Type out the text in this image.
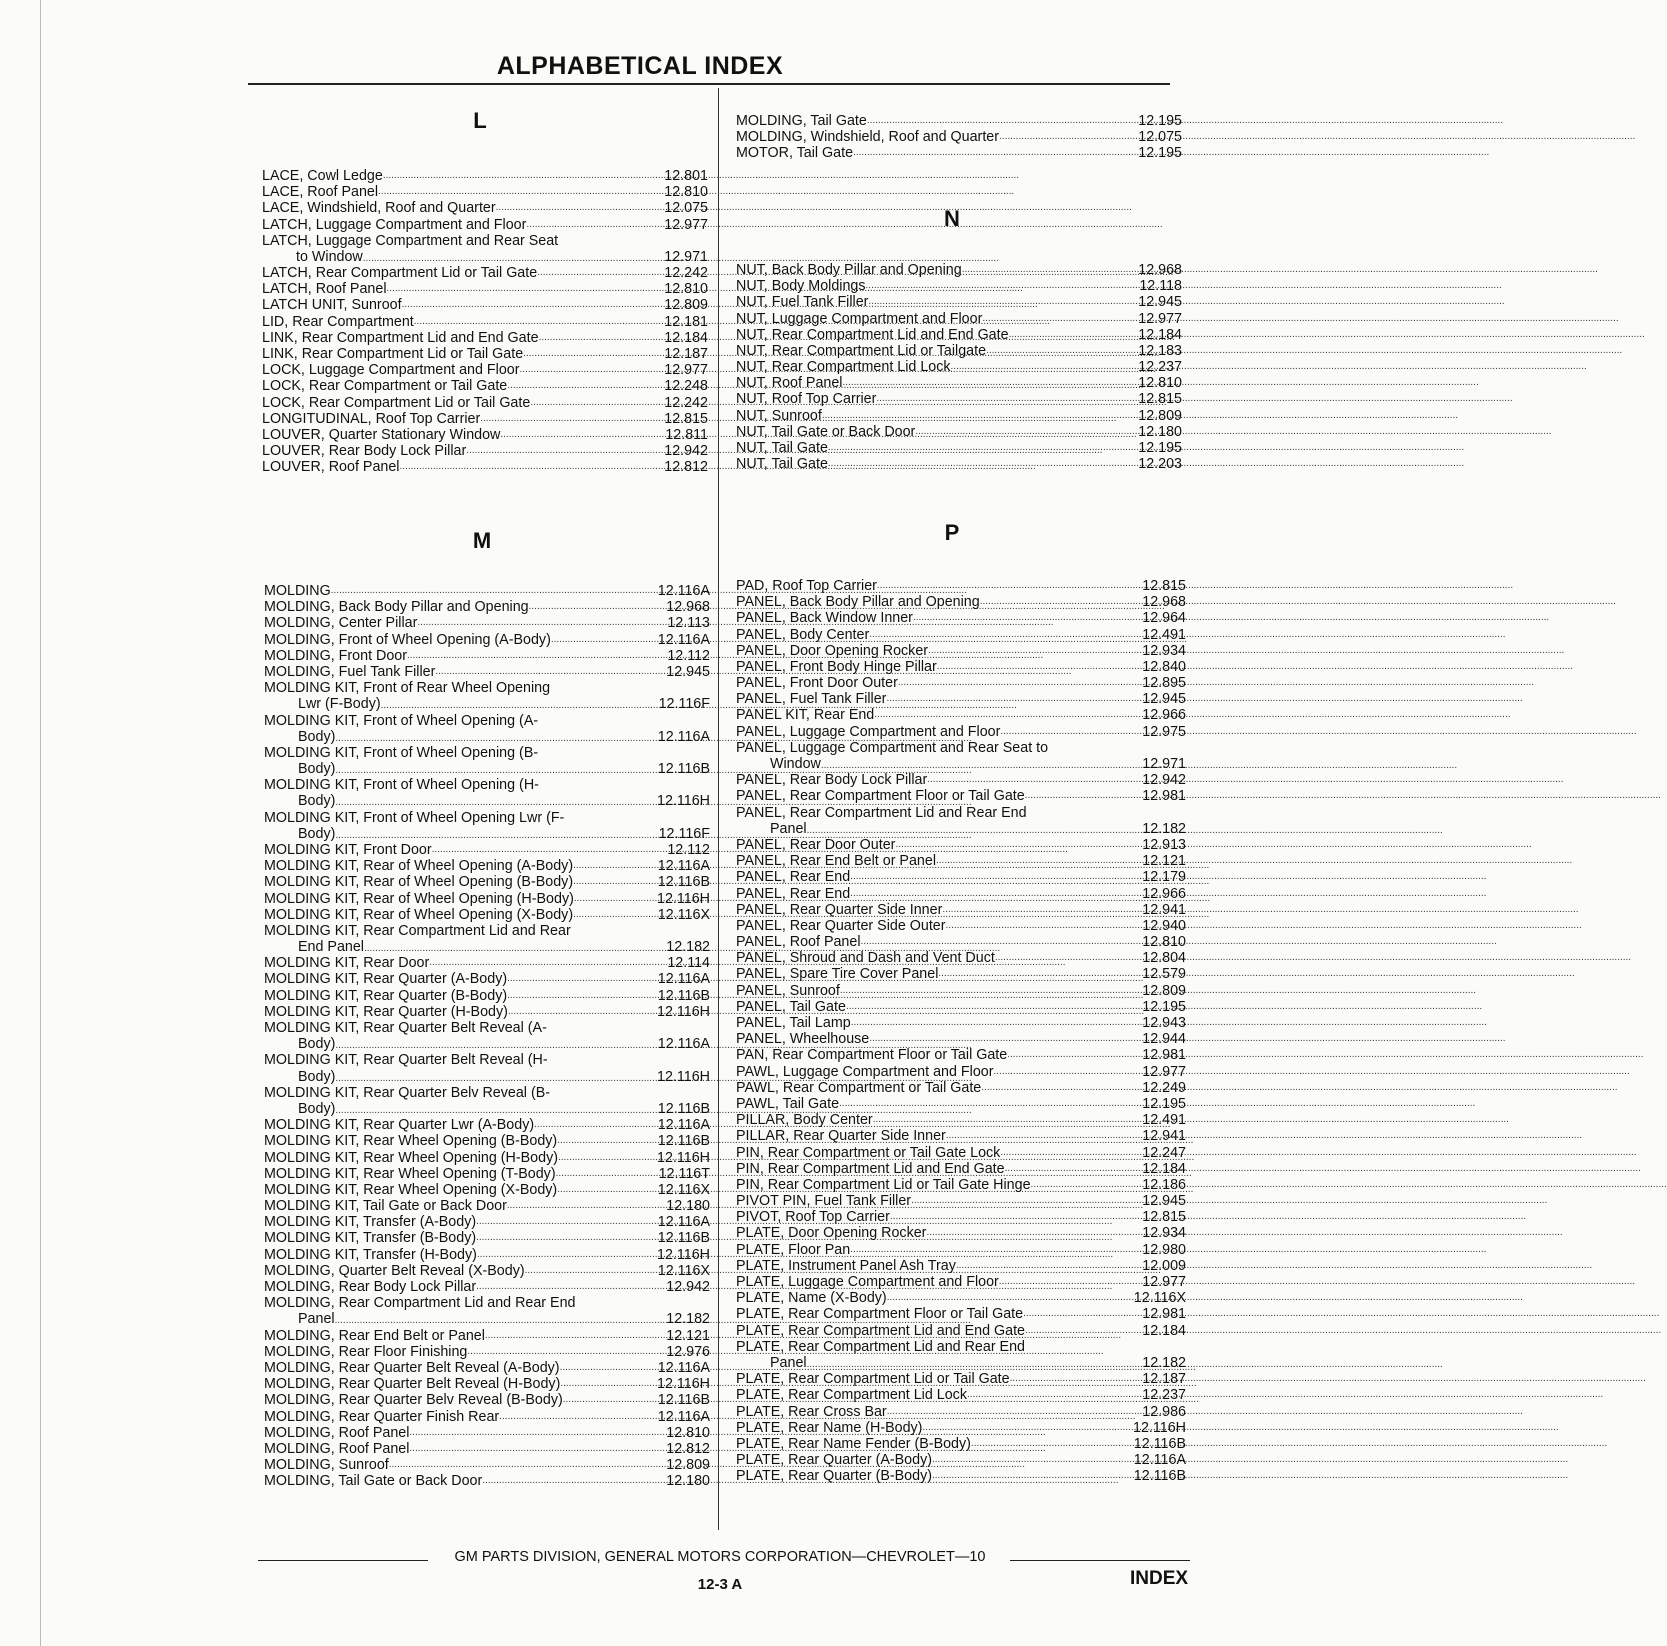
ALPHABETICAL INDEX
L
M
N
P
LACE, Cowl Ledge .....	12.801
LACE, Roof Panel .....	12.810
LACE, Windshield, Roof and Quarter .....	12.075
LATCH, Luggage Compartment and Floor .....	12.977
LATCH, Luggage Compartment and Rear Seat
to Window .....	12.971
LATCH, Rear Compartment Lid or Tail Gate .....	12.242
LATCH, Roof Panel .....	12.810
LATCH UNIT, Sunroof .....	12.809
LID, Rear Compartment .....	12.181
LINK, Rear Compartment Lid and End Gate .....	12.184
LINK, Rear Compartment Lid or Tail Gate .....	12.187
LOCK, Luggage Compartment and Floor .....	12.977
LOCK, Rear Compartment or Tail Gate .....	12.248
LOCK, Rear Compartment Lid or Tail Gate .....	12.242
LONGITUDINAL, Roof Top Carrier .....	12.815
LOUVER, Quarter Stationary Window .....	12.811
LOUVER, Rear Body Lock Pillar .....	12.942
LOUVER, Roof Panel .....	12.812
MOLDING .....	12.116A
MOLDING, Back Body Pillar and Opening .....	12.968
MOLDING, Center Pillar .....	12.113
MOLDING, Front of Wheel Opening (A-Body) .....	12.116A
MOLDING, Front Door .....	12.112
MOLDING, Fuel Tank Filler .....	12.945
MOLDING KIT, Front of Rear Wheel Opening
Lwr (F-Body) .....	12.116F
MOLDING KIT, Front of Wheel Opening (A-
Body) .....	12.116A
MOLDING KIT, Front of Wheel Opening (B-
Body) .....	12.116B
MOLDING KIT, Front of Wheel Opening (H-
Body) .....	12.116H
MOLDING KIT, Front of Wheel Opening Lwr (F-
Body) .....	12.116F
MOLDING KIT, Front Door .....	12.112
MOLDING KIT, Rear of Wheel Opening (A-Body) .....	12.116A
MOLDING KIT, Rear of Wheel Opening (B-Body) .....	12.116B
MOLDING KIT, Rear of Wheel Opening (H-Body) .....	12.116H
MOLDING KIT, Rear of Wheel Opening (X-Body) .....	12.116X
MOLDING KIT, Rear Compartment Lid and Rear
End Panel .....	12.182
MOLDING KIT, Rear Door .....	12.114
MOLDING KIT, Rear Quarter (A-Body) .....	12.116A
MOLDING KIT, Rear Quarter (B-Body) .....	12.116B
MOLDING KIT, Rear Quarter (H-Body) .....	12.116H
MOLDING KIT, Rear Quarter Belt Reveal (A-
Body) .....	12.116A
MOLDING KIT, Rear Quarter Belt Reveal (H-
Body) .....	12.116H
MOLDING KIT, Rear Quarter Belv Reveal (B-
Body) .....	12.116B
MOLDING KIT, Rear Quarter Lwr (A-Body) .....	12.116A
MOLDING KIT, Rear Wheel Opening (B-Body) .....	12.116B
MOLDING KIT, Rear Wheel Opening (H-Body) .....	12.116H
MOLDING KIT, Rear Wheel Opening (T-Body) .....	12.116T
MOLDING KIT, Rear Wheel Opening (X-Body) .....	12.116X
MOLDING KIT, Tail Gate or Back Door .....	12.180
MOLDING KIT, Transfer (A-Body) .....	12.116A
MOLDING KIT, Transfer (B-Body) .....	12.116B
MOLDING KIT, Transfer (H-Body) .....	12.116H
MOLDING, Quarter Belt Reveal (X-Body) .....	12.116X
MOLDING, Rear Body Lock Pillar .....	12.942
MOLDING, Rear Compartment Lid and Rear End
Panel .....	12.182
MOLDING, Rear End Belt or Panel .....	12.121
MOLDING, Rear Floor Finishing .....	12.976
MOLDING, Rear Quarter Belt Reveal (A-Body) .....	12.116A
MOLDING, Rear Quarter Belt Reveal (H-Body) .....	12.116H
MOLDING, Rear Quarter Belv Reveal (B-Body) .....	12.116B
MOLDING, Rear Quarter Finish Rear .....	12.116A
MOLDING, Roof Panel .....	12.810
MOLDING, Roof Panel .....	12.812
MOLDING, Sunroof .....	12.809
MOLDING, Tail Gate or Back Door .....	12.180
MOLDING, Tail Gate .....	12.195
MOLDING, Windshield, Roof and Quarter .....	12.075
MOTOR, Tail Gate .....	12.195
NUT, Back Body Pillar and Opening .....	12.968
NUT, Body Moldings .....	12.118
NUT, Fuel Tank Filler .....	12.945
NUT, Luggage Compartment and Floor .....	12.977
NUT, Rear Compartment Lid and End Gate .....	12.184
NUT, Rear Compartment Lid or Tailgate .....	12.183
NUT, Rear Compartment Lid Lock .....	12.237
NUT, Roof Panel .....	12.810
NUT, Roof Top Carrier .....	12.815
NUT, Sunroof .....	12.809
NUT, Tail Gate or Back Door .....	12.180
NUT, Tail Gate .....	12.195
NUT, Tail Gate .....	12.203
PAD, Roof Top Carrier .....	12.815
PANEL, Back Body Pillar and Opening .....	12.968
PANEL, Back Window Inner .....	12.964
PANEL, Body Center .....	12.491
PANEL, Door Opening Rocker .....	12.934
PANEL, Front Body Hinge Pillar .....	12.840
PANEL, Front Door Outer .....	12.895
PANEL, Fuel Tank Filler .....	12.945
PANEL KIT, Rear End .....	12.966
PANEL, Luggage Compartment and Floor .....	12.975
PANEL, Luggage Compartment and Rear Seat to
Window .....	12.971
PANEL, Rear Body Lock Pillar .....	12.942
PANEL, Rear Compartment Floor or Tail Gate .....	12.981
PANEL, Rear Compartment Lid and Rear End
Panel .....	12.182
PANEL, Rear Door Outer .....	12.913
PANEL, Rear End Belt or Panel .....	12.121
PANEL, Rear End .....	12.179
PANEL, Rear End .....	12.966
PANEL, Rear Quarter Side Inner .....	12.941
PANEL, Rear Quarter Side Outer .....	12.940
PANEL, Roof Panel .....	12.810
PANEL, Shroud and Dash and Vent Duct .....	12.804
PANEL, Spare Tire Cover Panel .....	12.579
PANEL, Sunroof .....	12.809
PANEL, Tail Gate .....	12.195
PANEL, Tail Lamp .....	12.943
PANEL, Wheelhouse .....	12.944
PAN, Rear Compartment Floor or Tail Gate .....	12.981
PAWL, Luggage Compartment and Floor .....	12.977
PAWL, Rear Compartment or Tail Gate .....	12.249
PAWL, Tail Gate .....	12.195
PILLAR, Body Center .....	12.491
PILLAR, Rear Quarter Side Inner .....	12.941
PIN, Rear Compartment or Tail Gate Lock .....	12.247
PIN, Rear Compartment Lid and End Gate .....	12.184
PIN, Rear Compartment Lid or Tail Gate Hinge .....	12.186
PIVOT PIN, Fuel Tank Filler .....	12.945
PIVOT, Roof Top Carrier .....	12.815
PLATE, Door Opening Rocker .....	12.934
PLATE, Floor Pan .....	12.980
PLATE, Instrument Panel Ash Tray .....	12.009
PLATE, Luggage Compartment and Floor .....	12.977
PLATE, Name (X-Body) .....	12.116X
PLATE, Rear Compartment Floor or Tail Gate .....	12.981
PLATE, Rear Compartment Lid and End Gate .....	12.184
PLATE, Rear Compartment Lid and Rear End
Panel .....	12.182
PLATE, Rear Compartment Lid or Tail Gate .....	12.187
PLATE, Rear Compartment Lid Lock .....	12.237
PLATE, Rear Cross Bar .....	12.986
PLATE, Rear Name (H-Body) .....	12.116H
PLATE, Rear Name Fender (B-Body) .....	12.116B
PLATE, Rear Quarter (A-Body) .....	12.116A
PLATE, Rear Quarter (B-Body) .....	12.116B
GM PARTS DIVISION, GENERAL MOTORS CORPORATION—CHEVROLET—10
12-3 A	INDEX
